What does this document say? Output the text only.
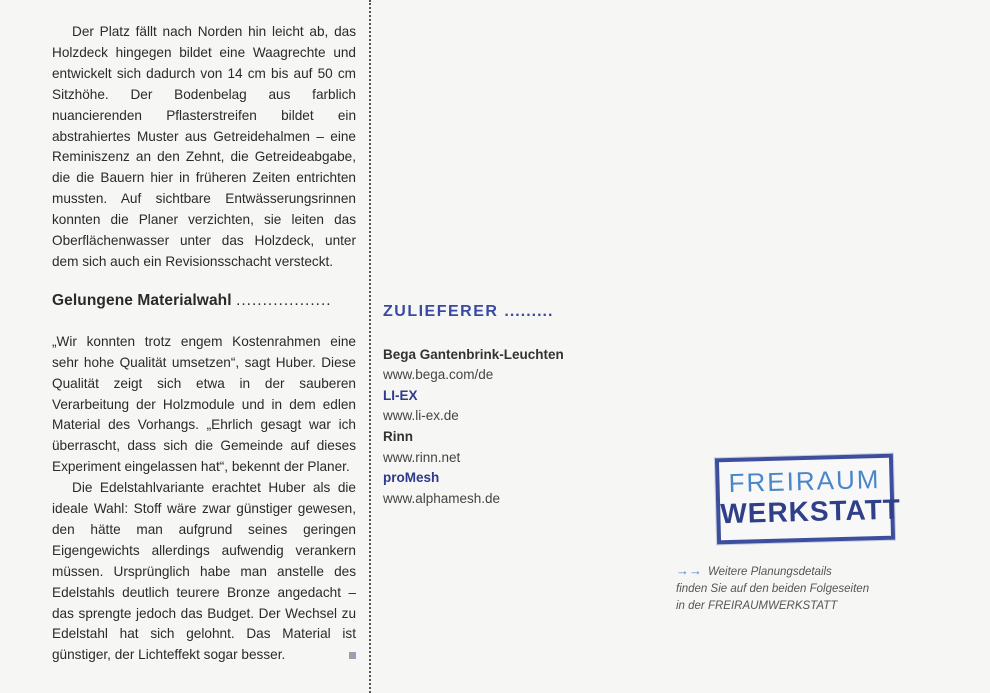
Der Platz fällt nach Norden hin leicht ab, das Holzdeck hingegen bildet eine Waagrechte und entwickelt sich dadurch von 14 cm bis auf 50 cm Sitzhöhe. Der Bodenbelag aus farblich nuancierenden Pflasterstreifen bildet ein abstrahiertes Muster aus Getreidehalmen – eine Reminiszenz an den Zehnt, die Getreideabgabe, die die Bauern hier in früheren Zeiten entrichten mussten. Auf sichtbare Entwässerungsrinnen konnten die Planer verzichten, sie leiten das Oberflächenwasser unter das Holzdeck, unter dem sich auch ein Revisionsschacht versteckt.

Gelungene Materialwahl ..................

„Wir konnten trotz engem Kostenrahmen eine sehr hohe Qualität umsetzen“, sagt Huber. Diese Qualität zeigt sich etwa in der sauberen Verarbeitung der Holzmodule und in dem edlen Material des Vorhangs. „Ehrlich gesagt war ich überrascht, dass sich die Gemeinde auf dieses Experiment eingelassen hat“, bekennt der Planer.

Die Edelstahlvariante erachtet Huber als die ideale Wahl: Stoff wäre zwar günstiger gewesen, den hätte man aufgrund seines geringen Eigengewichts allerdings aufwendig verankern müssen. Ursprünglich habe man anstelle des Edelstahls deutlich teurere Bronze angedacht – das sprengte jedoch das Budget. Der Wechsel zu Edelstahl hat sich gelohnt. Das Material ist günstiger, der Lichteffekt sogar besser.

ZULIEFERER .........
Bega Gantenbrink-Leuchten
www.bega.com/de
LI-EX
www.li-ex.de
Rinn
www.rinn.net
proMesh
www.alphamesh.de
FREIRAUM
WERKSTATT
→→ Weitere Planungsdetails
finden Sie auf den beiden Folgeseiten
in der FREIRAUMWERKSTATT
